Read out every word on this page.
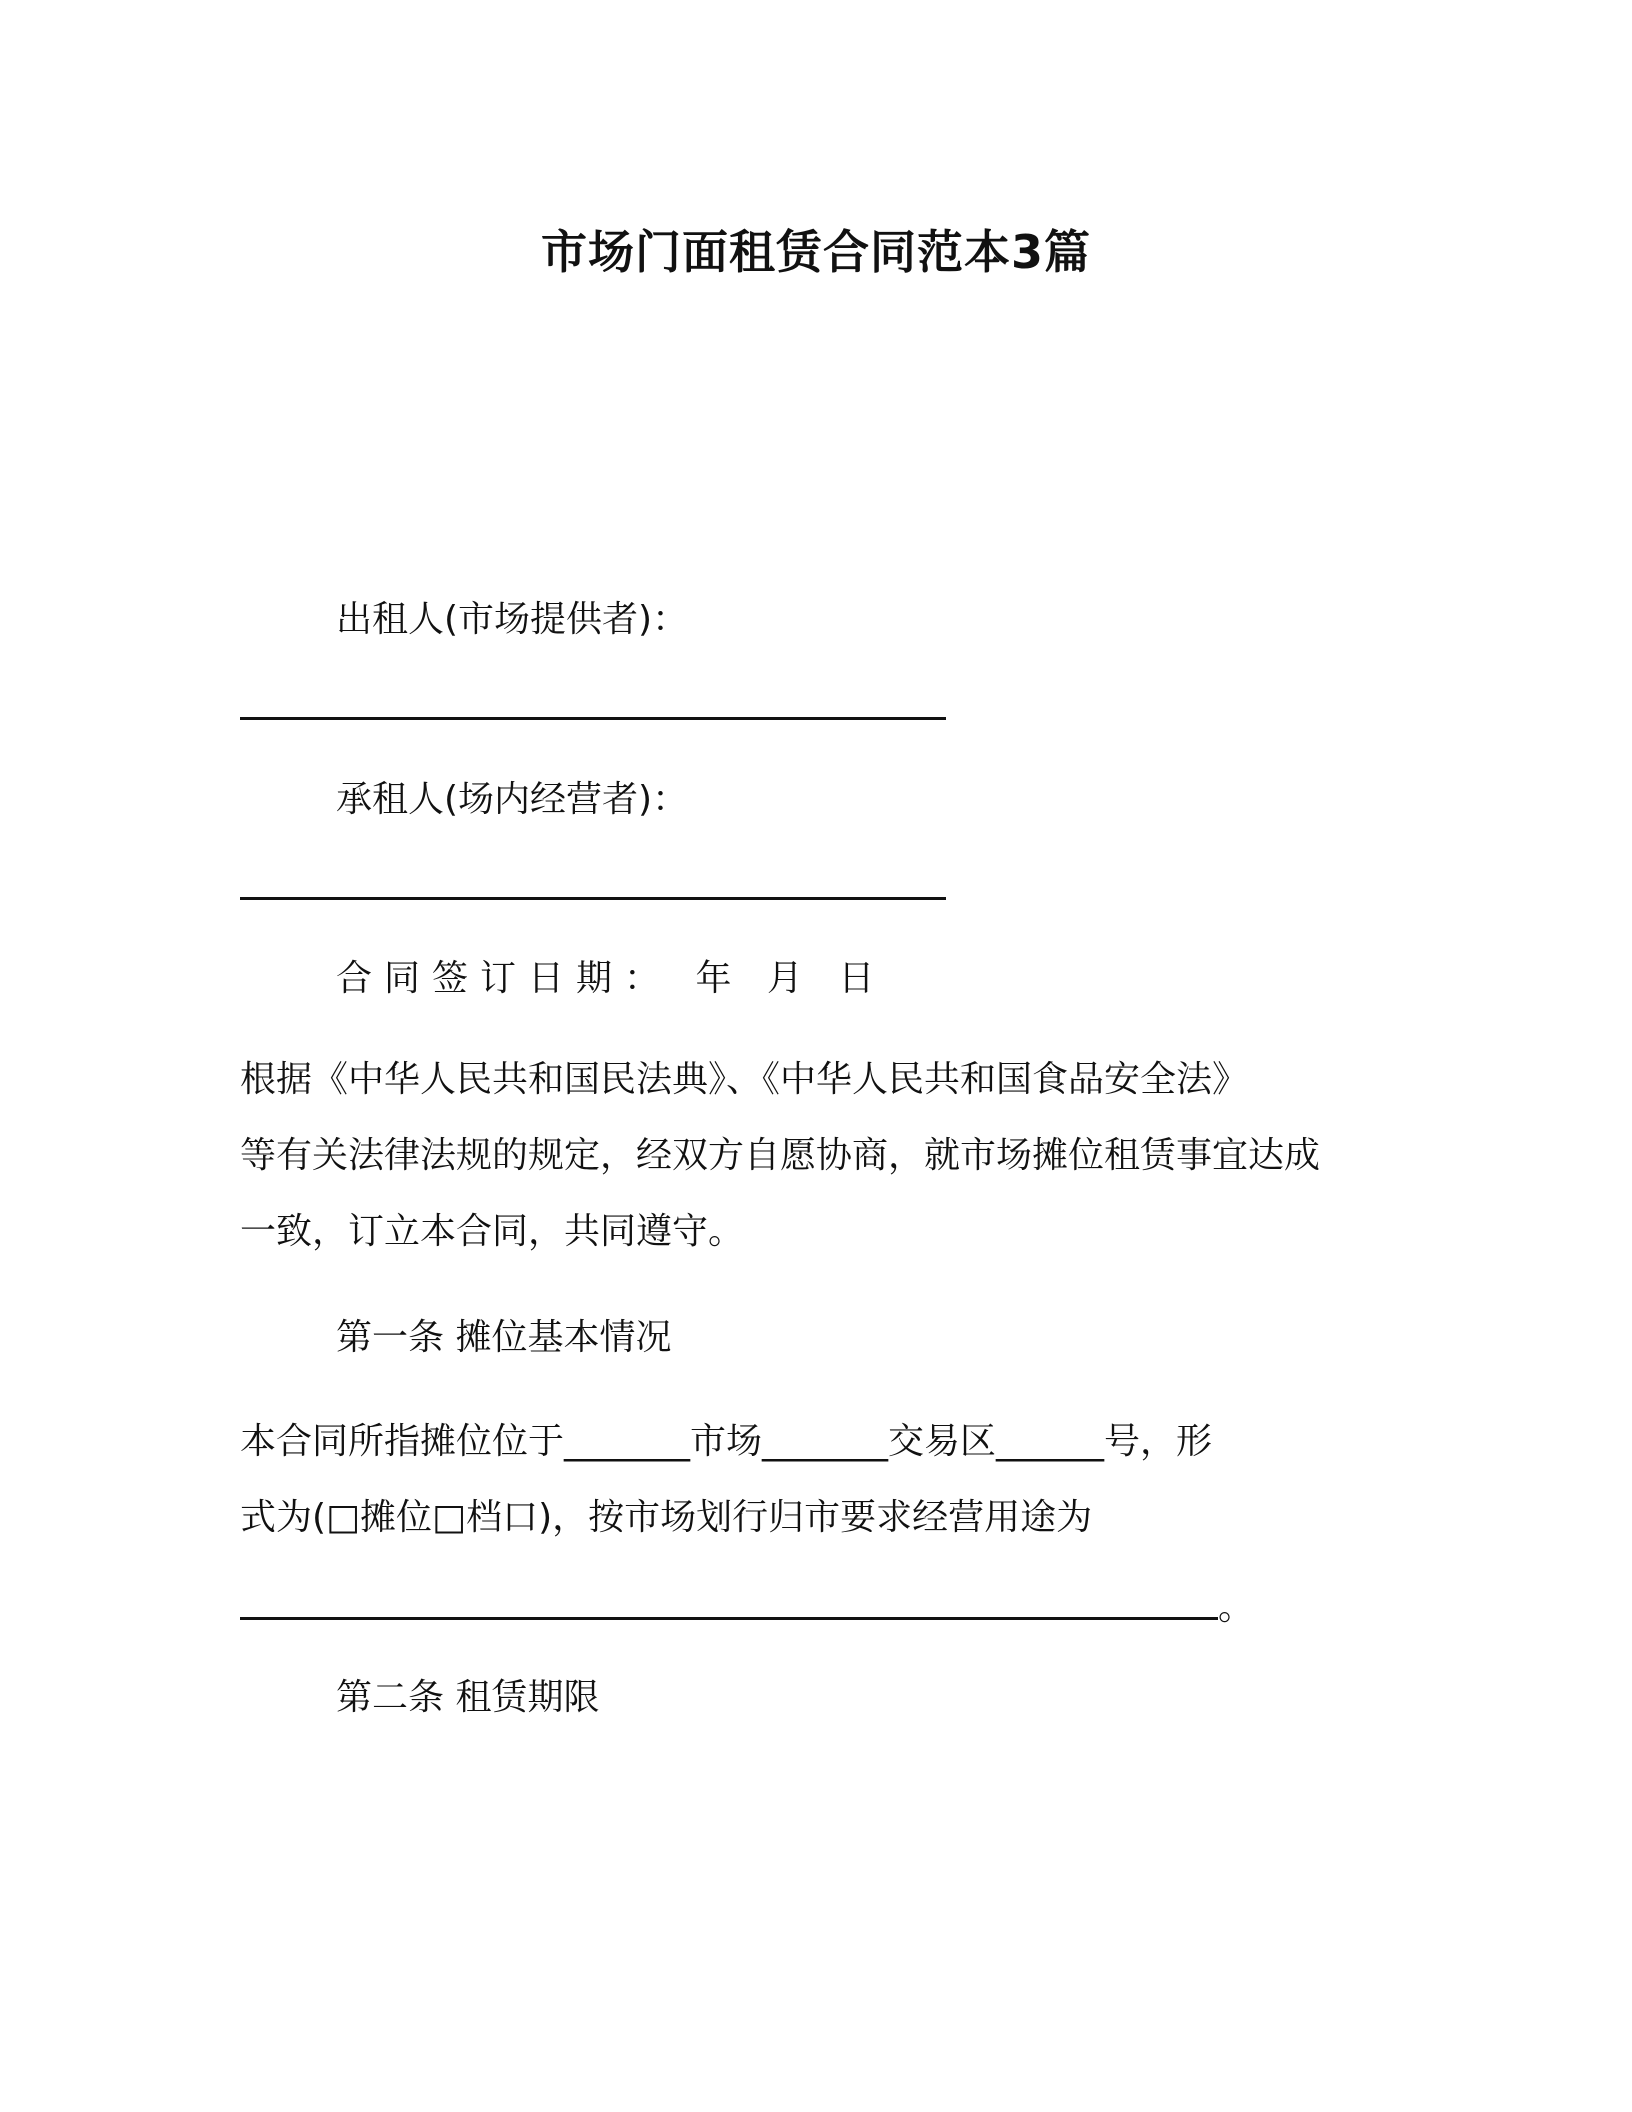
市场门面租赁合同范本3篇
出租人(市场提供者)：
承租人(场内经营者)：
合同签订日期： 年 月 日
根据《中华人民共和国民法典》、《中华人民共和国食品安全法》
等有关法律法规的规定，经双方自愿协商，就市场摊位租赁事宜达成
一致，订立本合同，共同遵守。
第一条 摊位基本情况
本合同所指摊位位于_______市场_______交易区______号，形
式为(□摊位□档口)，按市场划行归市要求经营用途为
。
第二条 租赁期限
